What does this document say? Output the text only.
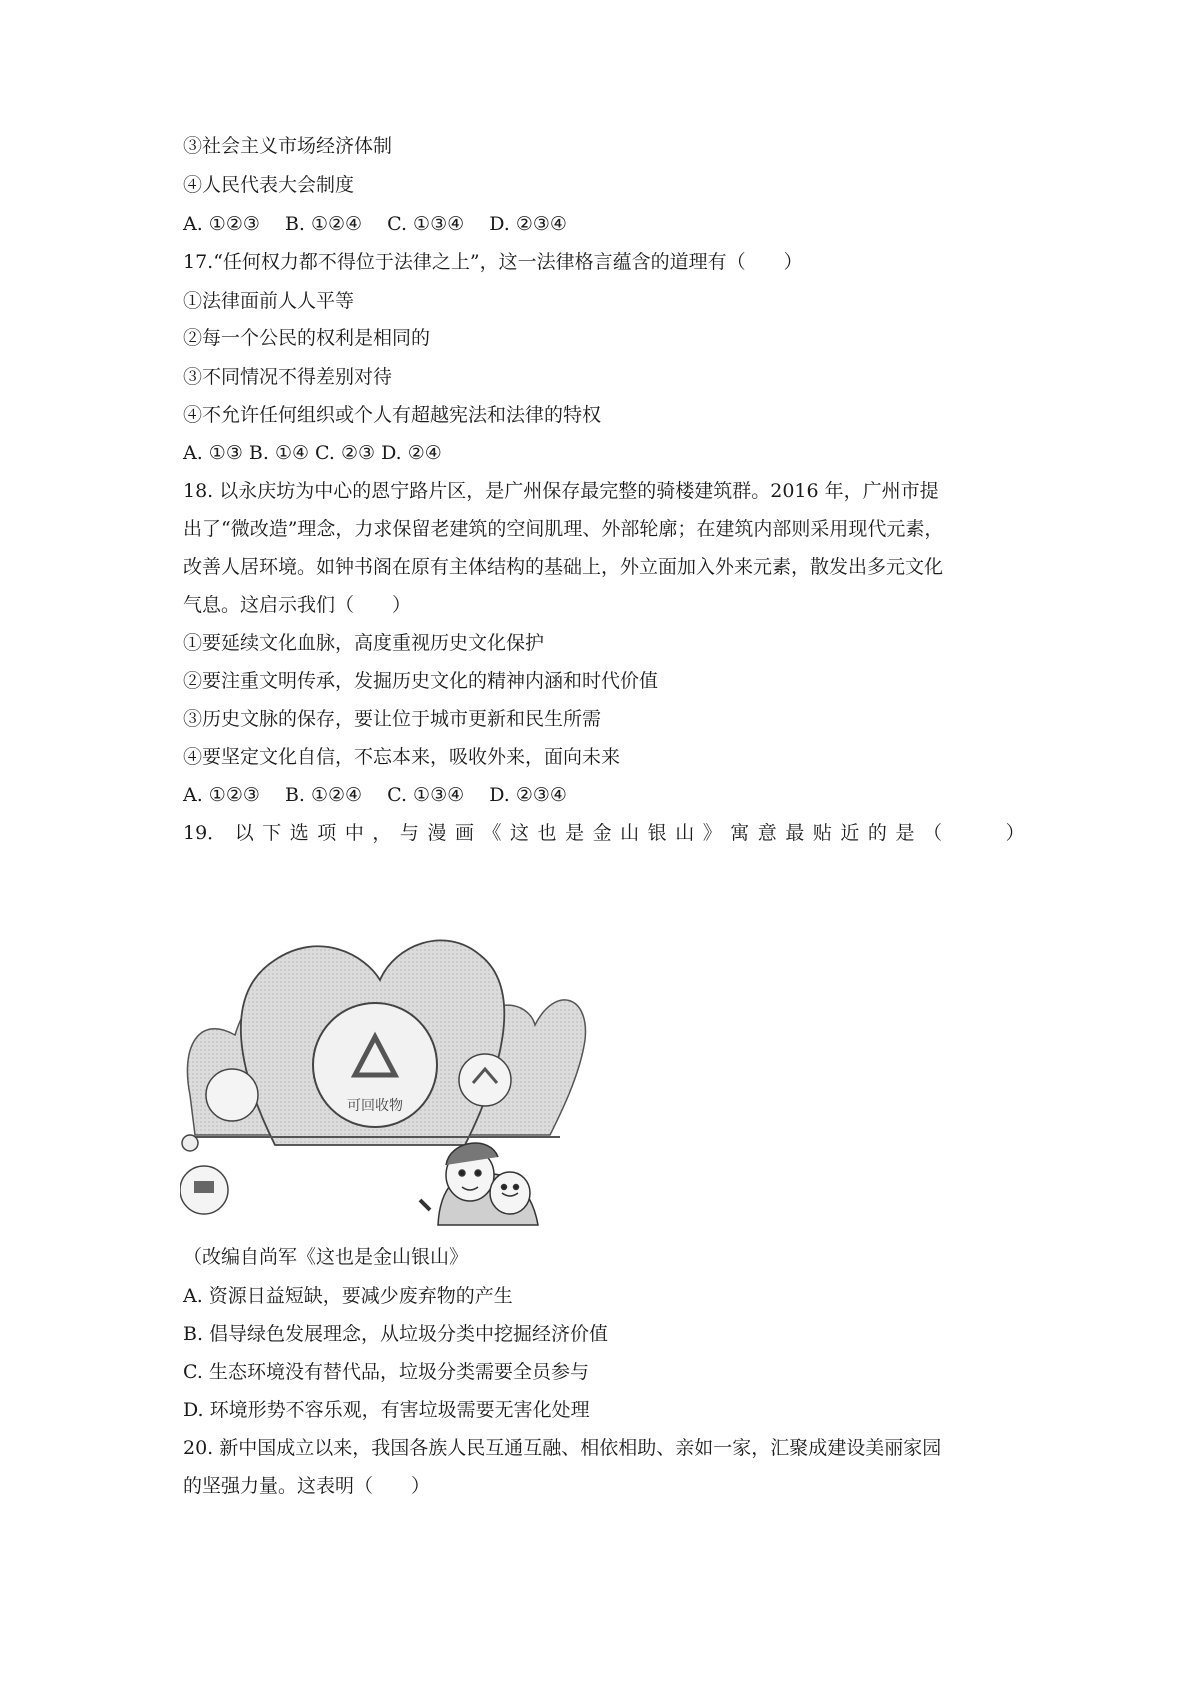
③社会主义市场经济体制
④人民代表大会制度
A. ①②③　 B. ①②④　 C. ①③④　 D. ②③④
17.“任何权力都不得位于法律之上”，这一法律格言蕴含的道理有（　　）
①法律面前人人平等
②每一个公民的权利是相同的
③不同情况不得差别对待
④不允许任何组织或个人有超越宪法和法律的特权
A. ①③ B. ①④ C. ②③ D. ②④
18. 以永庆坊为中心的恩宁路片区，是广州保存最完整的骑楼建筑群。2016 年，广州市提
出了“微改造”理念，力求保留老建筑的空间肌理、外部轮廓；在建筑内部则采用现代元素，
改善人居环境。如钟书阁在原有主体结构的基础上，外立面加入外来元素，散发出多元文化
气息。这启示我们（　　）
①要延续文化血脉，高度重视历史文化保护
②要注重文明传承，发掘历史文化的精神内涵和时代价值
③历史文脉的保存，要让位于城市更新和民生所需
④要坚定文化自信，不忘本来，吸收外来，面向未来
A. ①②③　 B. ①②④　 C. ①③④　 D. ②③④
19． 以 下 选 项 中 ， 与 漫 画 《 这 也 是 金 山 银 山 》 寓 意 最 贴 近 的 是 （

　	）
可回收物
（改编自尚军《这也是金山银山》
A. 资源日益短缺，要减少废弃物的产生
B. 倡导绿色发展理念，从垃圾分类中挖掘经济价值
C. 生态环境没有替代品，垃圾分类需要全员参与
D. 环境形势不容乐观，有害垃圾需要无害化处理
20. 新中国成立以来，我国各族人民互通互融、相依相助、亲如一家，汇聚成建设美丽家园
的坚强力量。这表明（　　）
